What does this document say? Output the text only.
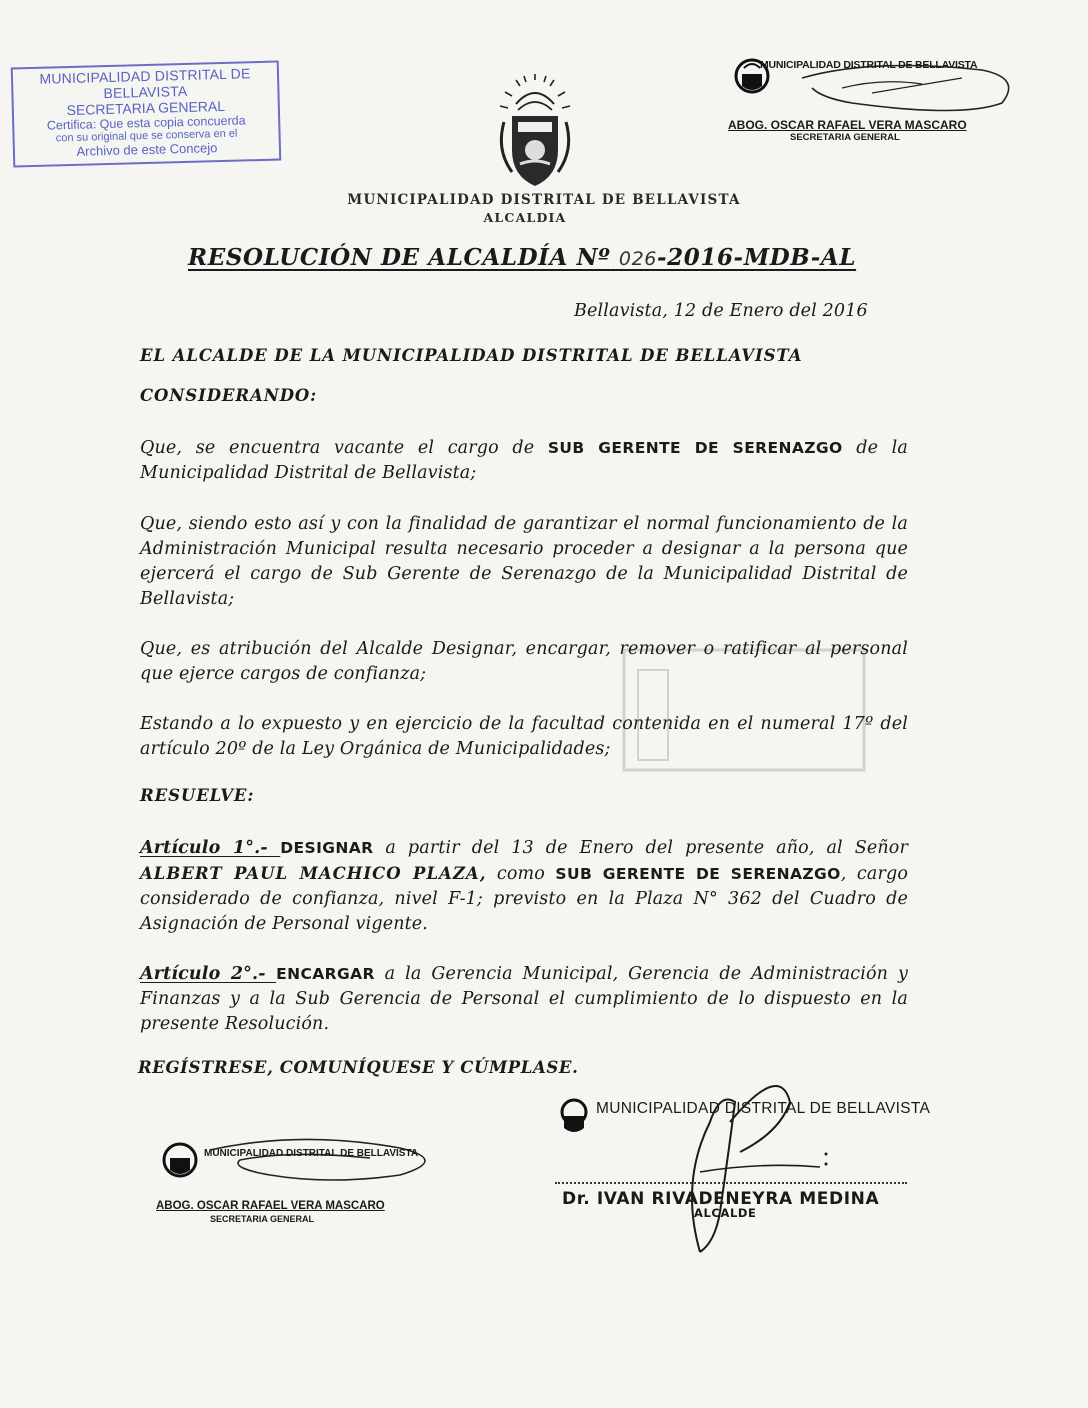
MUNICIPALIDAD DISTRITAL DE BELLAVISTA
SECRETARIA GENERAL
Certifica: Que esta copia concuerda
con su original que se conserva en el
Archivo de este Concejo
MUNICIPALIDAD DISTRITAL DE BELLAVISTA
ALCALDIA
MUNICIPALIDAD DISTRITAL DE BELLAVISTA
ABOG. OSCAR RAFAEL VERA MASCARO
SECRETARIA GENERAL
RESOLUCIÓN DE ALCALDÍA Nº 026-2016-MDB-AL
Bellavista, 12 de Enero del 2016
EL ALCALDE DE LA MUNICIPALIDAD DISTRITAL DE BELLAVISTA
CONSIDERANDO:
Que, se encuentra vacante el cargo de SUB GERENTE DE SERENAZGO de la Municipalidad Distrital de Bellavista;
Que, siendo esto así y con la finalidad de garantizar el normal funcionamiento de la Administración Municipal resulta necesario proceder a designar a la persona que ejercerá el cargo de Sub Gerente de Serenazgo de la Municipalidad Distrital de Bellavista;
Que, es atribución del Alcalde Designar, encargar, remover o ratificar al personal que ejerce cargos de confianza;
Estando a lo expuesto y en ejercicio de la facultad contenida en el numeral 17º del artículo 20º de la Ley Orgánica de Municipalidades;
RESUELVE:
Artículo 1°.- DESIGNAR a partir del 13 de Enero del presente año, al Señor ALBERT PAUL MACHICO PLAZA, como SUB GERENTE DE SERENAZGO, cargo considerado de confianza, nivel F-1; previsto en la Plaza N° 362 del Cuadro de Asignación de Personal vigente.
Artículo 2°.- ENCARGAR a la Gerencia Municipal, Gerencia de Administración y Finanzas y a la Sub Gerencia de Personal el cumplimiento de lo dispuesto en la presente Resolución.
REGÍSTRESE, COMUNÍQUESE Y CÚMPLASE.
MUNICIPALIDAD DISTRITAL DE BELLAVISTA
ABOG. OSCAR RAFAEL VERA MASCARO
SECRETARIA GENERAL
MUNICIPALIDAD DISTRITAL DE BELLAVISTA
Dr. IVAN RIVADENEYRA MEDINA
ALCALDE
